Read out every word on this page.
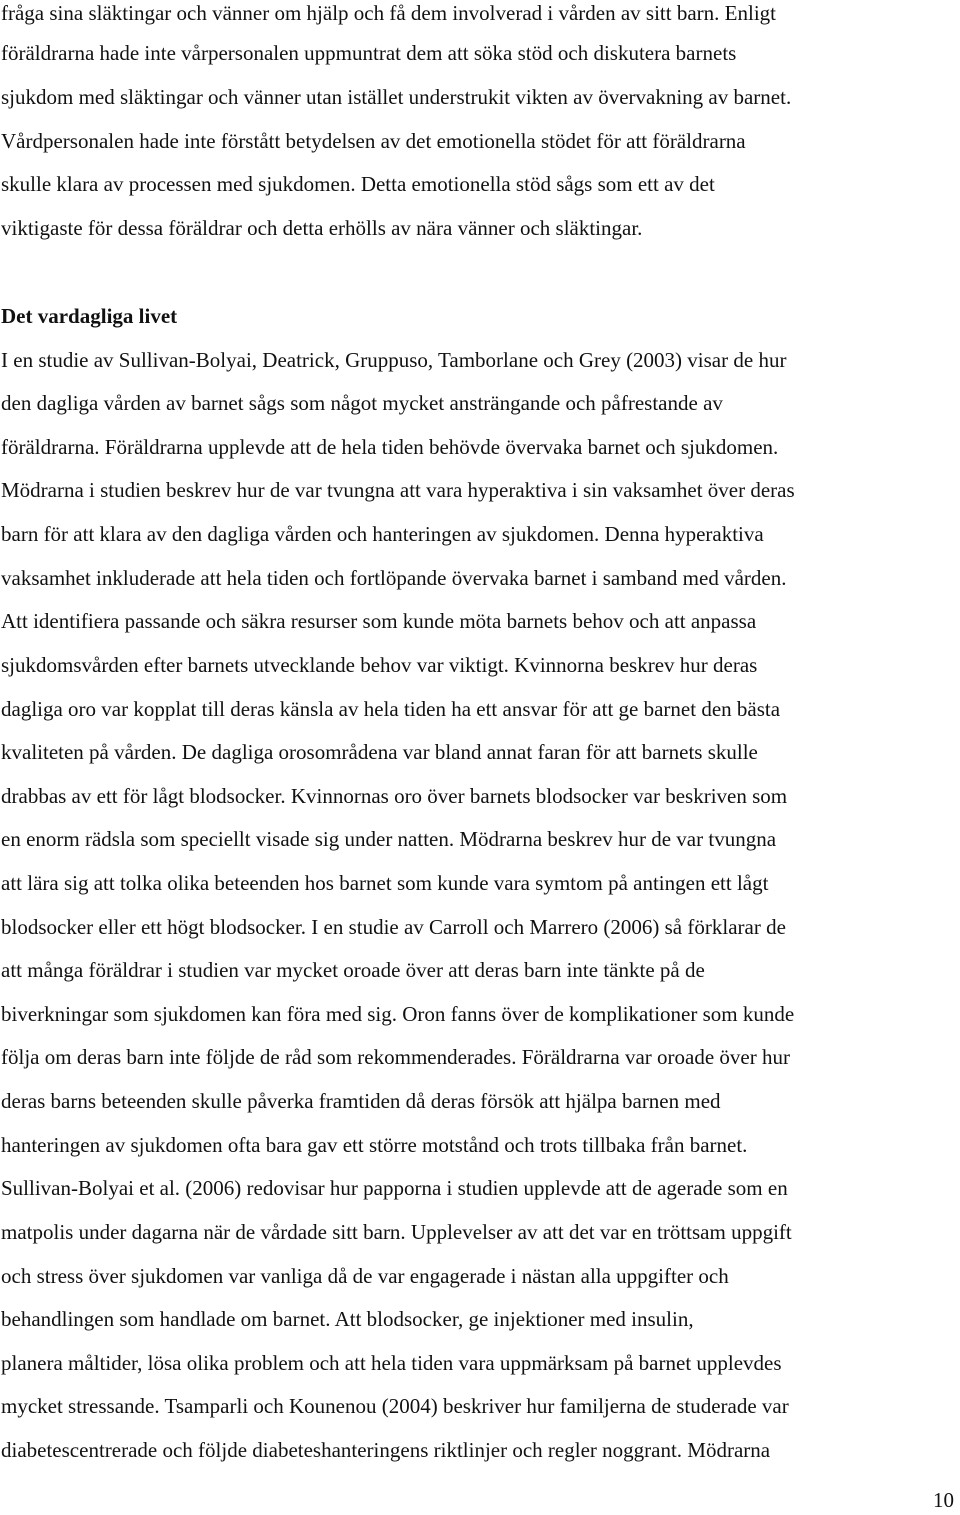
fråga sina släktingar och vänner om hjälp och få dem involverad i vården av sitt barn. Enligt
föräldrarna hade inte vårpersonalen uppmuntrat dem att söka stöd och diskutera barnets
sjukdom med släktingar och vänner utan istället understrukit vikten av övervakning av barnet.
Vårdpersonalen hade inte förstått betydelsen av det emotionella stödet för att föräldrarna
skulle klara av processen med sjukdomen. Detta emotionella stöd sågs som ett av det
viktigaste för dessa föräldrar och detta erhölls av nära vänner och släktingar.
Det vardagliga livet
I en studie av Sullivan-Bolyai, Deatrick, Gruppuso, Tamborlane och Grey (2003) visar de hur
den dagliga vården av barnet sågs som något mycket ansträngande och påfrestande av
föräldrarna. Föräldrarna upplevde att de hela tiden behövde övervaka barnet och sjukdomen.
Mödrarna i studien beskrev hur de var tvungna att vara hyperaktiva i sin vaksamhet över deras
barn för att klara av den dagliga vården och hanteringen av sjukdomen. Denna hyperaktiva
vaksamhet inkluderade att hela tiden och fortlöpande övervaka barnet i samband med vården.
Att identifiera passande och säkra resurser som kunde möta barnets behov och att anpassa
sjukdomsvården efter barnets utvecklande behov var viktigt. Kvinnorna beskrev hur deras
dagliga oro var kopplat till deras känsla av hela tiden ha ett ansvar för att ge barnet den bästa
kvaliteten på vården. De dagliga orosområdena var bland annat faran för att barnets skulle
drabbas av ett för lågt blodsocker. Kvinnornas oro över barnets blodsocker var beskriven som
en enorm rädsla som speciellt visade sig under natten. Mödrarna beskrev hur de var tvungna
att lära sig att tolka olika beteenden hos barnet som kunde vara symtom på antingen ett lågt
blodsocker eller ett högt blodsocker. I en studie av Carroll och Marrero (2006) så förklarar de
att många föräldrar i studien var mycket oroade över att deras barn inte tänkte på de
biverkningar som sjukdomen kan föra med sig. Oron fanns över de komplikationer som kunde
följa om deras barn inte följde de råd som rekommenderades. Föräldrarna var oroade över hur
deras barns beteenden skulle påverka framtiden då deras försök att hjälpa barnen med
hanteringen av sjukdomen ofta bara gav ett större motstånd och trots tillbaka från barnet.
Sullivan-Bolyai et al. (2006) redovisar hur papporna i studien upplevde att de agerade som en
matpolis under dagarna när de vårdade sitt barn. Upplevelser av att det var en tröttsam uppgift
och stress över sjukdomen var vanliga då de var engagerade i nästan alla uppgifter och
behandlingen som handlade om barnet. Att blodsocker, ge injektioner med insulin,
planera måltider, lösa olika problem och att hela tiden vara uppmärksam på barnet upplevdes
mycket stressande. Tsamparli och Kounenou (2004) beskriver hur familjerna de studerade var
diabetescentrerade och följde diabeteshanteringens riktlinjer och regler noggrant. Mödrarna
10
